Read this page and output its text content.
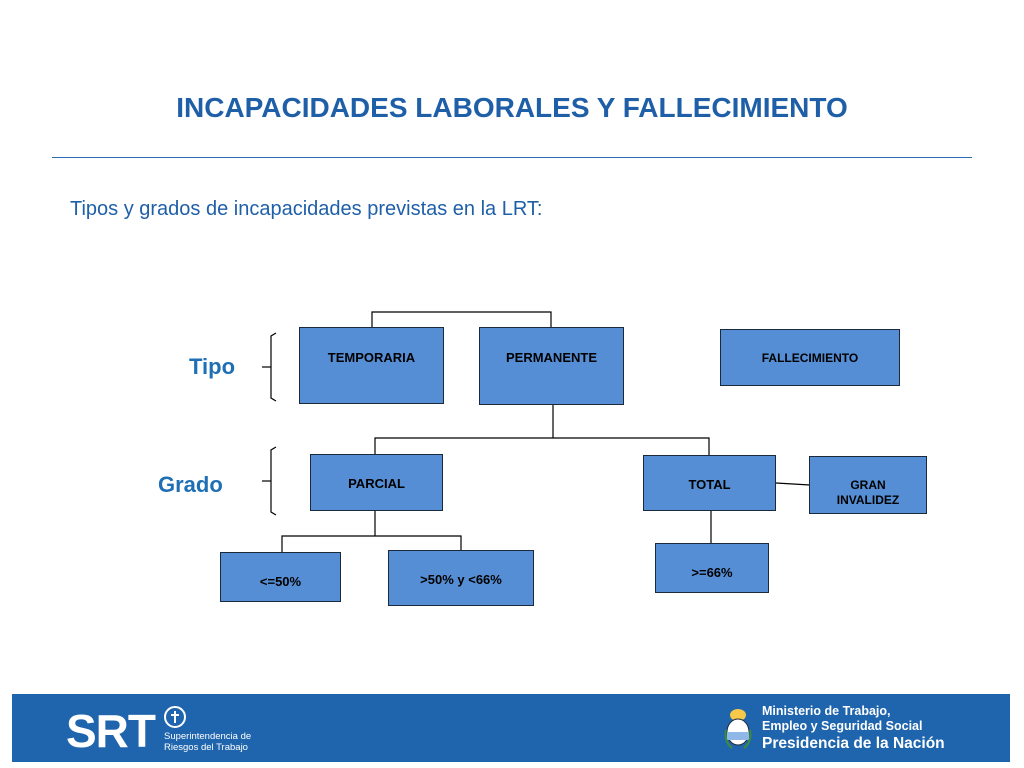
INCAPACIDADES LABORALES Y FALLECIMIENTO
Tipos y grados de incapacidades previstas en la LRT:
Tipo
Grado
TEMPORARIA	PERMANENTE	FALLECIMIENTO
PARCIAL	TOTAL	GRAN
INVALIDEZ
<=50%	>50% y <66%	>=66%
SRT Superintendencia de
Riesgos del Trabajo
Ministerio de Trabajo,
Empleo y Seguridad Social
Presidencia de la Nación
